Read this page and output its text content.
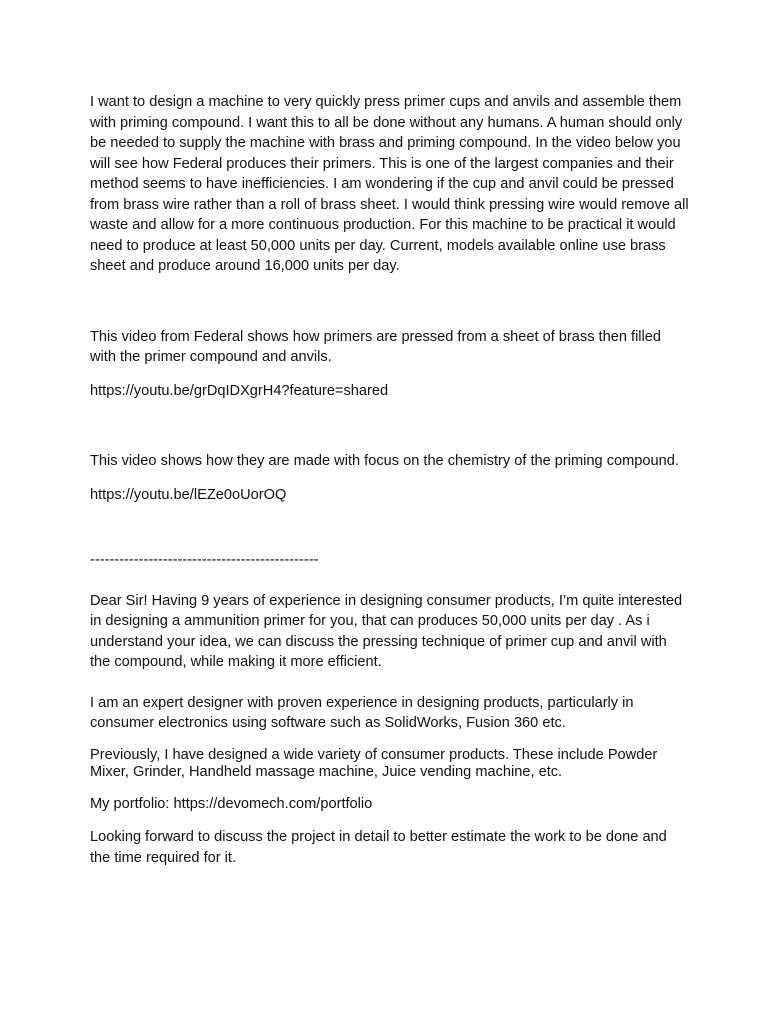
I want to design a machine to very quickly press primer cups and anvils and assemble them with priming compound. I want this to all be done without any humans. A human should only be needed to supply the machine with brass and priming compound. In the video below you will see how Federal produces their primers. This is one of the largest companies and their method seems to have inefficiencies. I am wondering if the cup and anvil could be pressed from brass wire rather than a roll of brass sheet. I would think pressing wire would remove all waste and allow for a more continuous production. For this machine to be practical it would need to produce at least 50,000 units per day. Current, models available online use brass sheet and produce around 16,000 units per day.

This video from Federal shows how primers are pressed from a sheet of brass then filled with the primer compound and anvils.

https://youtu.be/grDqIDXgrH4?feature=shared

This video shows how they are made with focus on the chemistry of the priming compound.

https://youtu.be/lEZe0oUorOQ

-----------------------------------------------

Dear Sir! Having 9 years of experience in designing consumer products, I’m quite interested in designing a ammunition primer for you, that can produces 50,000 units per day . As i understand your idea, we can discuss the pressing technique of primer cup and anvil with the compound, while making it more efficient.

I am an expert designer with proven experience in designing products, particularly in consumer electronics using software such as SolidWorks, Fusion 360 etc.

Previously, I have designed a wide variety of consumer products. These include Powder Mixer, Grinder, Handheld massage machine, Juice vending machine, etc.

My portfolio: https://devomech.com/portfolio

Looking forward to discuss the project in detail to better estimate the work to be done and the time required for it.
